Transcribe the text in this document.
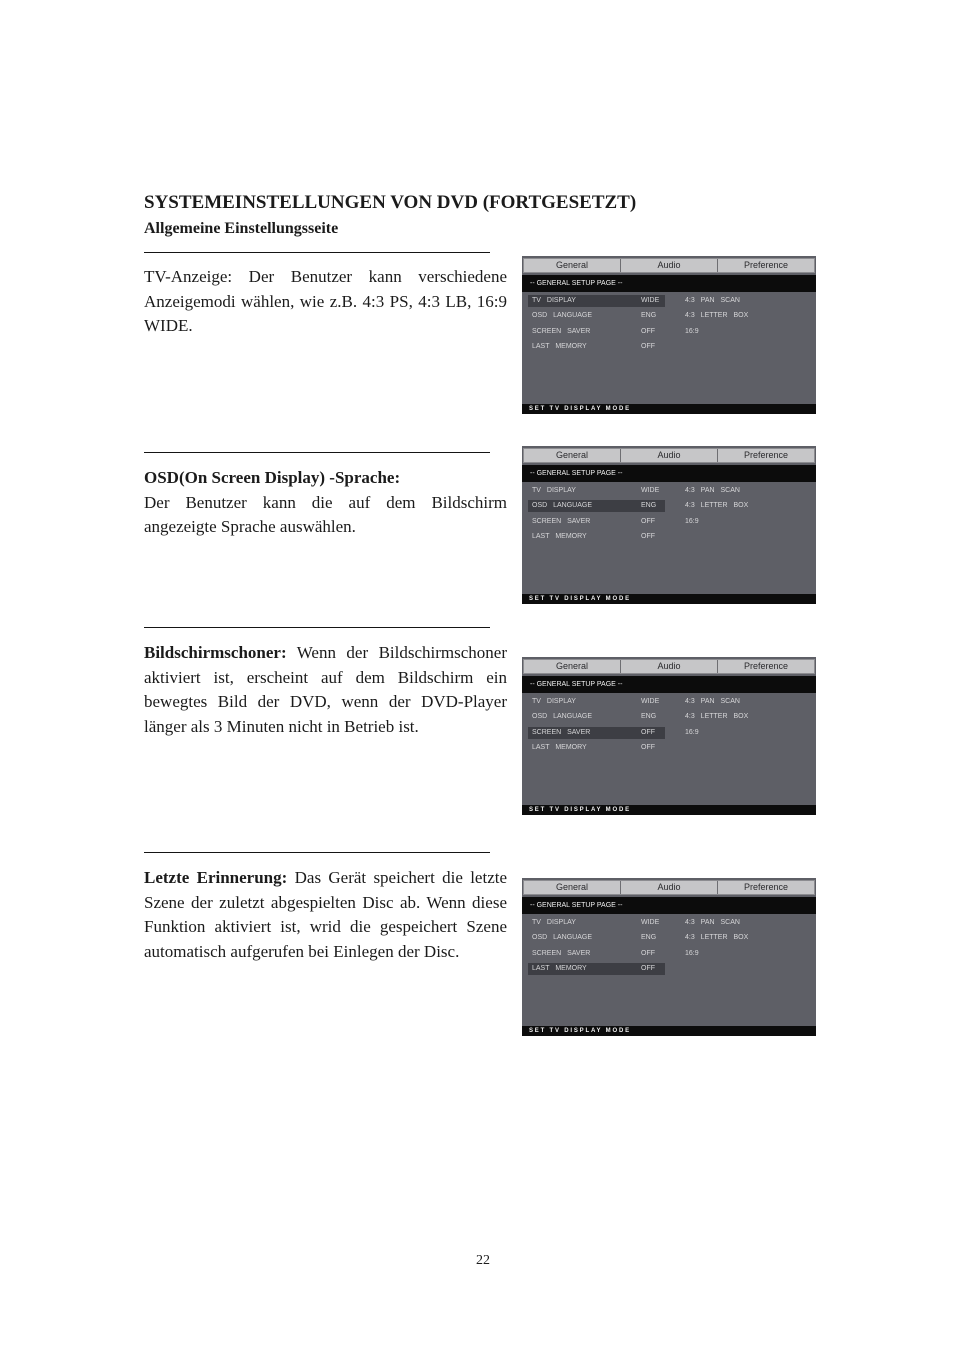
SYSTEMEINSTELLUNGEN VON DVD (FORTGESETZT)
Allgemeine Einstellungsseite

TV-Anzeige: Der Benutzer kann verschiedene Anzeigemodi wählen, wie z.B. 4:3 PS, 4:3 LB, 16:9 WIDE.

General	Audio	Preference
-- GENERAL SETUP PAGE --
TV DISPLAY	WIDE	4:3 PAN SCAN
OSD LANGUAGE	ENG	4:3 LETTER BOX
SCREEN SAVER	OFF	16:9
LAST MEMORY	OFF
SET TV DISPLAY MODE
OSD(On Screen Display) -Sprache:
Der Benutzer kann die auf dem Bildschirm angezeigte Sprache auswählen.
General	Audio	Preference
-- GENERAL SETUP PAGE --
TV DISPLAY	WIDE	4:3 PAN SCAN
OSD LANGUAGE	ENG	4:3 LETTER BOX
SCREEN SAVER	OFF	16:9
LAST MEMORY	OFF
SET TV DISPLAY MODE

Bildschirmschoner: Wenn der Bildschirmschoner aktiviert ist, erscheint auf dem Bildschirm ein bewegtes Bild der DVD, wenn der DVD-Player länger als 3 Minuten nicht in Betrieb ist.

General	Audio	Preference
-- GENERAL SETUP PAGE --
TV DISPLAY	WIDE	4:3 PAN SCAN
OSD LANGUAGE	ENG	4:3 LETTER BOX
SCREEN SAVER	OFF	16:9
LAST MEMORY	OFF
SET TV DISPLAY MODE

Letzte Erinnerung: Das Gerät speichert die letzte Szene der zuletzt abgespielten Disc ab. Wenn diese Funktion aktiviert ist, wrid die gespeichert Szene automatisch aufgerufen bei Einlegen der Disc.

General	Audio	Preference
-- GENERAL SETUP PAGE --
TV DISPLAY	WIDE	4:3 PAN SCAN
OSD LANGUAGE	ENG	4:3 LETTER BOX
SCREEN SAVER	OFF	16:9
LAST MEMORY	OFF
SET TV DISPLAY MODE
22
